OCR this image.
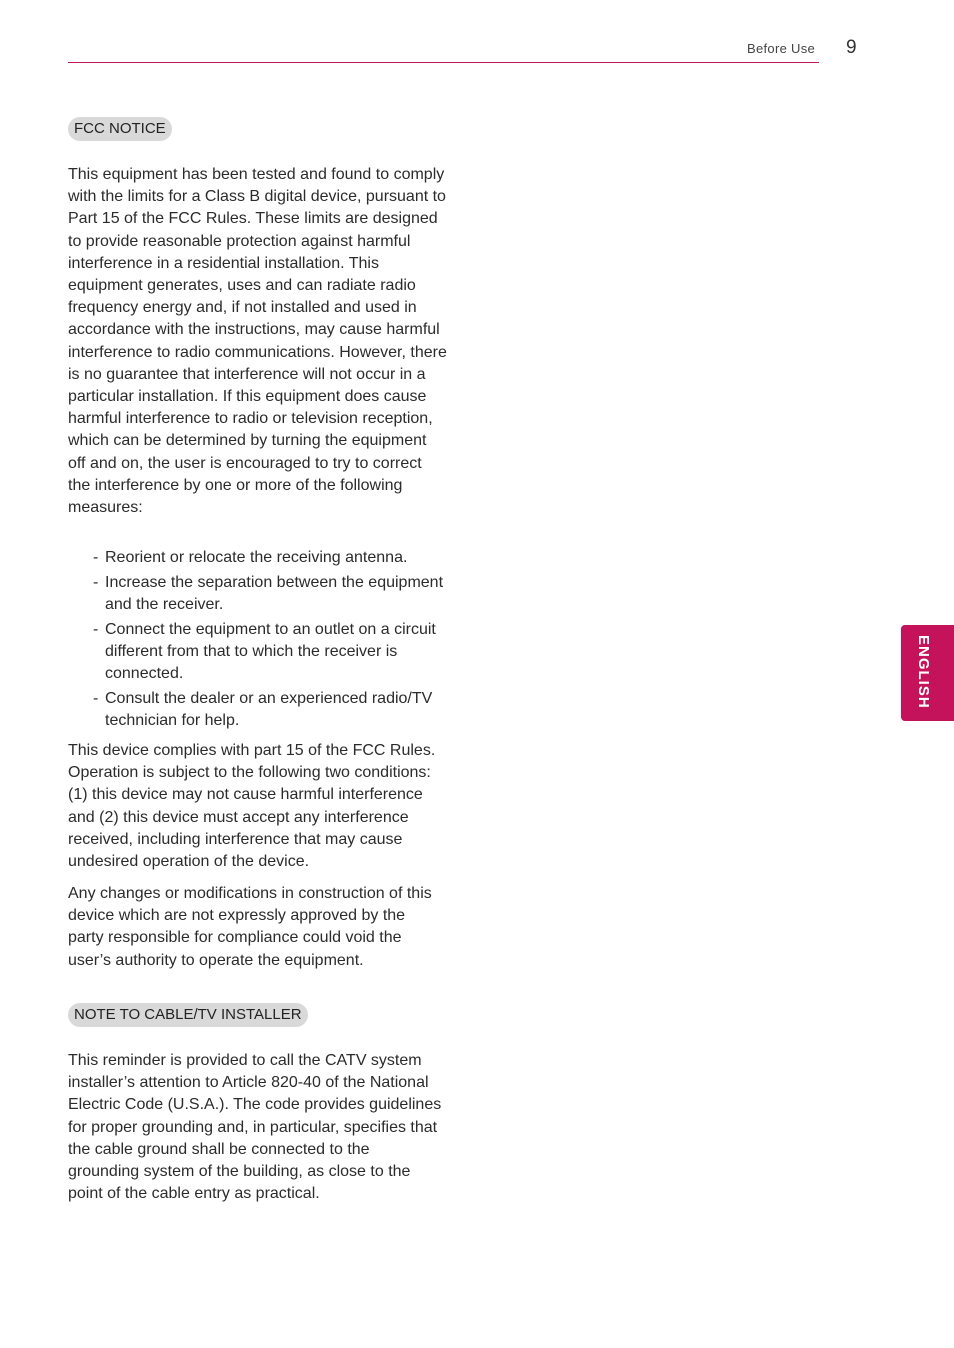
Before Use 9
ENGLISH
FCC NOTICE

This equipment has been tested and found to comply with the limits for a Class B digital device, pursuant to Part 15 of the FCC Rules. These limits are designed to provide reasonable protection against harmful interference in a residential installation. This equipment generates, uses and can radiate radio frequency energy and, if not installed and used in accordance with the instructions, may cause harmful interference to radio communications. However, there is no guarantee that interference will not occur in a particular installation. If this equipment does cause harmful interference to radio or television reception, which can be determined by turning the equipment off and on, the user is encouraged to try to correct the interference by one or more of the following measures:

- Reorient or relocate the receiving antenna.
- Increase the separation between the equipment and the receiver.
- Connect the equipment to an outlet on a circuit different from that to which the receiver is connected.
- Consult the dealer or an experienced radio/TV technician for help.

This device complies with part 15 of the FCC Rules. Operation is subject to the following two conditions: (1) this device may not cause harmful interference and (2) this device must accept any interference received, including interference that may cause undesired operation of the device.

Any changes or modifications in construction of this device which are not expressly approved by the party responsible for compliance could void the user’s authority to operate the equipment.

NOTE TO CABLE/TV INSTALLER

This reminder is provided to call the CATV system installer’s attention to Article 820-40 of the National Electric Code (U.S.A.). The code provides guidelines for proper grounding and, in particular, specifies that the cable ground shall be connected to the grounding system of the building, as close to the point of the cable entry as practical.
